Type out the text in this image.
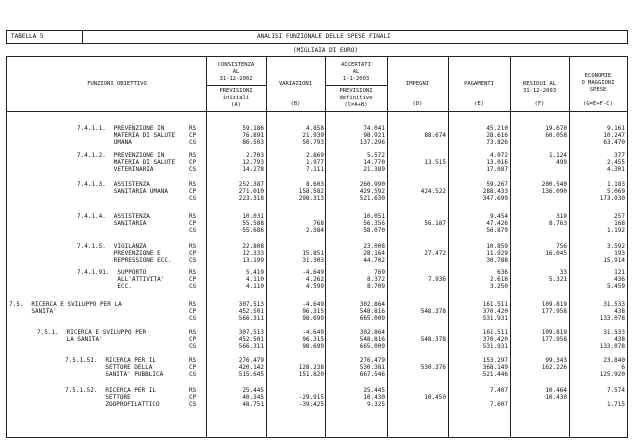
TABELLA 5	ANALISI FUNZIONALE DELLE SPESE FINALI
(MIGLIAIA DI EURO)
FUNZIONI OBIETTIVO
CONSISTENZA
AL
31-12-2002
PREVISIONI
iniziali
(A)
VARIAZIONI
(B)
ACCERTATI
AL
1-1-2003
PREVISIONI
definitive
(C=A+B)
IMPEGNI
(D)
PAGAMENTI
(E)
RESIDUI AL
31-12-2003
(F)
ECONOMIE
O MAGGIORI
SPESE
(G=E+F-C)
7.4.1.1. PREVENZIONE IN
MATERIA DI SALUTE
UMANA
RS
CP
CS
59.186
76.891
86.503
4.858
21.939
50.793
74.041
98.921
137.296
45.210
28.616
73.826
19.670
60.058
9.161
10.247
63.470
88.674
7.4.1.2. PREVENZIONE IN
MATERIA DI SALUTE
VETERINARIA
RS
CP
CS
2.703
12.793
14.278
2.869
1.977
7.111
5.572
14.770
21.389
4.072
13.016
17.087
1.124
499
377
2.455
4.301
13.515
7.4.1.3. ASSISTENZA
SANITARIA UMANA
RS
CP
CS
252.387
271.010
223.318
8.603
158.582
298.313
260.990
429.592
521.630
59.267
288.433
347.699
200.540
136.090
1.183
5.069
173.930
424.522
7.4.1.4. ASSISTENZA
SANITARIA
RS
CP
CS
10.031
55.588
55.686
768
2.384
10.051
56.356
58.070
9.454
47.426
56.879
319
8.763
257
168
1.192
56.187
7.4.1.5. VIGILANZA
PREVENZIONE E
REPRESSIONE ECC.
RS
CP
CS
22.808
12.333
13.199
15.851
31.303
23.008
28.164
44.702
10.859
11.929
30.788
756
16.045
3.592
193
15.914
27.472
7.4.1.91. SUPPORTO
ALL'ATTIVITA'
ECC.
RS
CP
CS
5.419
4.110
4.110
-4.649
4.262
4.599
769
8.372
8.709
636
2.618
3.250
33
5.321
121
436
5.459
7.936
7.5. RICERCA E SVILUPPO PER LA
SANITA'
RS
CP
CS
307.513
452.501
566.311
-4.649
96.315
98.699
302.864
548.816
665.009
161.511
370.420
531.931
109.819
177.958
31.533
438
133.078
548.378
7.5.1. RICERCA E SVILUPPO PER
LA SANITA'
RS
CP
CS
307.513
452.501
566.311
-4.649
96.315
98.699
302.864
548.816
665.009
161.511
370.420
531.931
109.819
177.958
31.533
438
133.078
548.378
7.5.1.51. RICERCA PER IL
SETTORE DELLA
SANITA' PUBBLICA
RS
CP
CS
276.479
420.142
515.645
128.238
151.820
276.479
530.381
667.546
153.297
368.149
521.446
99.343
162.226
23.840
6
125.920
530.376
7.5.1.52. RICERCA PER IL
SETTORE
ZOOPROFILATTICO
RS
CP
CS
25.445
40.345
48.751
-29.915
-39.425
25.445
10.430
9.325
7.407
7.607
10.464
10.430
7.574
1.715
10.450
